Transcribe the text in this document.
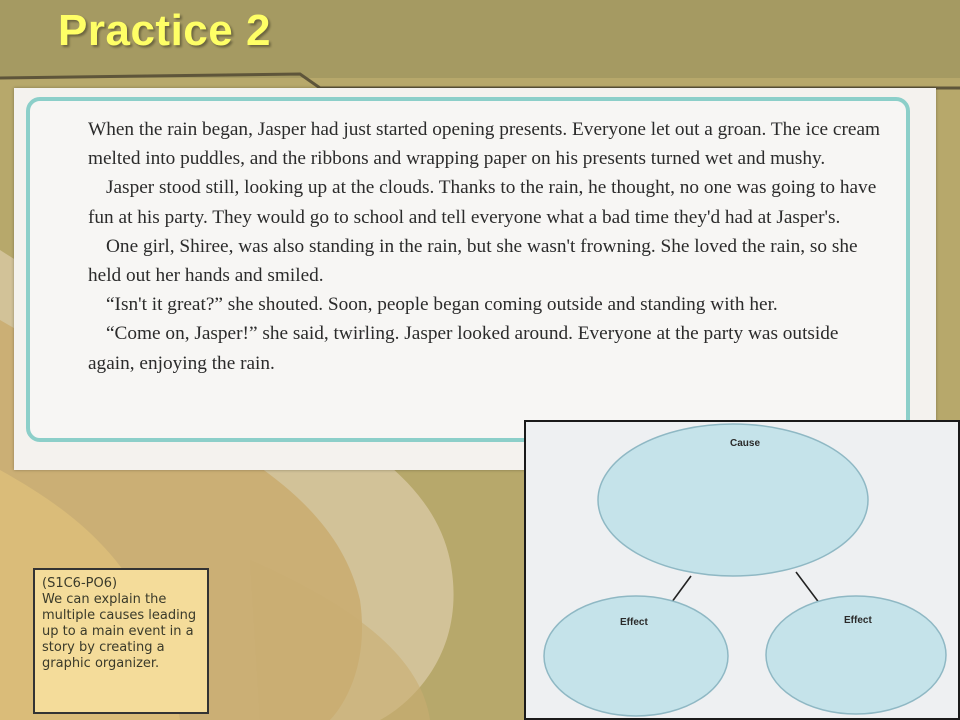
Practice 2

When the rain began, Jasper had just started opening presents. Everyone let out a groan. The ice cream melted into puddles, and the ribbons and wrapping paper on his presents turned wet and mushy.

Jasper stood still, looking up at the clouds. Thanks to the rain, he thought, no one was going to have fun at his party. They would go to school and tell everyone what a bad time they'd had at Jasper's.

One girl, Shiree, was also standing in the rain, but she wasn't frowning. She loved the rain, so she held out her hands and smiled.

“Isn't it great?” she shouted. Soon, people began coming outside and standing with her.

“Come on, Jasper!” she said, twirling. Jasper looked around. Everyone at the party was outside again, enjoying the rain.

Cause
Effect	Effect
(S1C6-PO6)
We can explain the multiple causes leading up to a main event in a story by creating a graphic organizer.
